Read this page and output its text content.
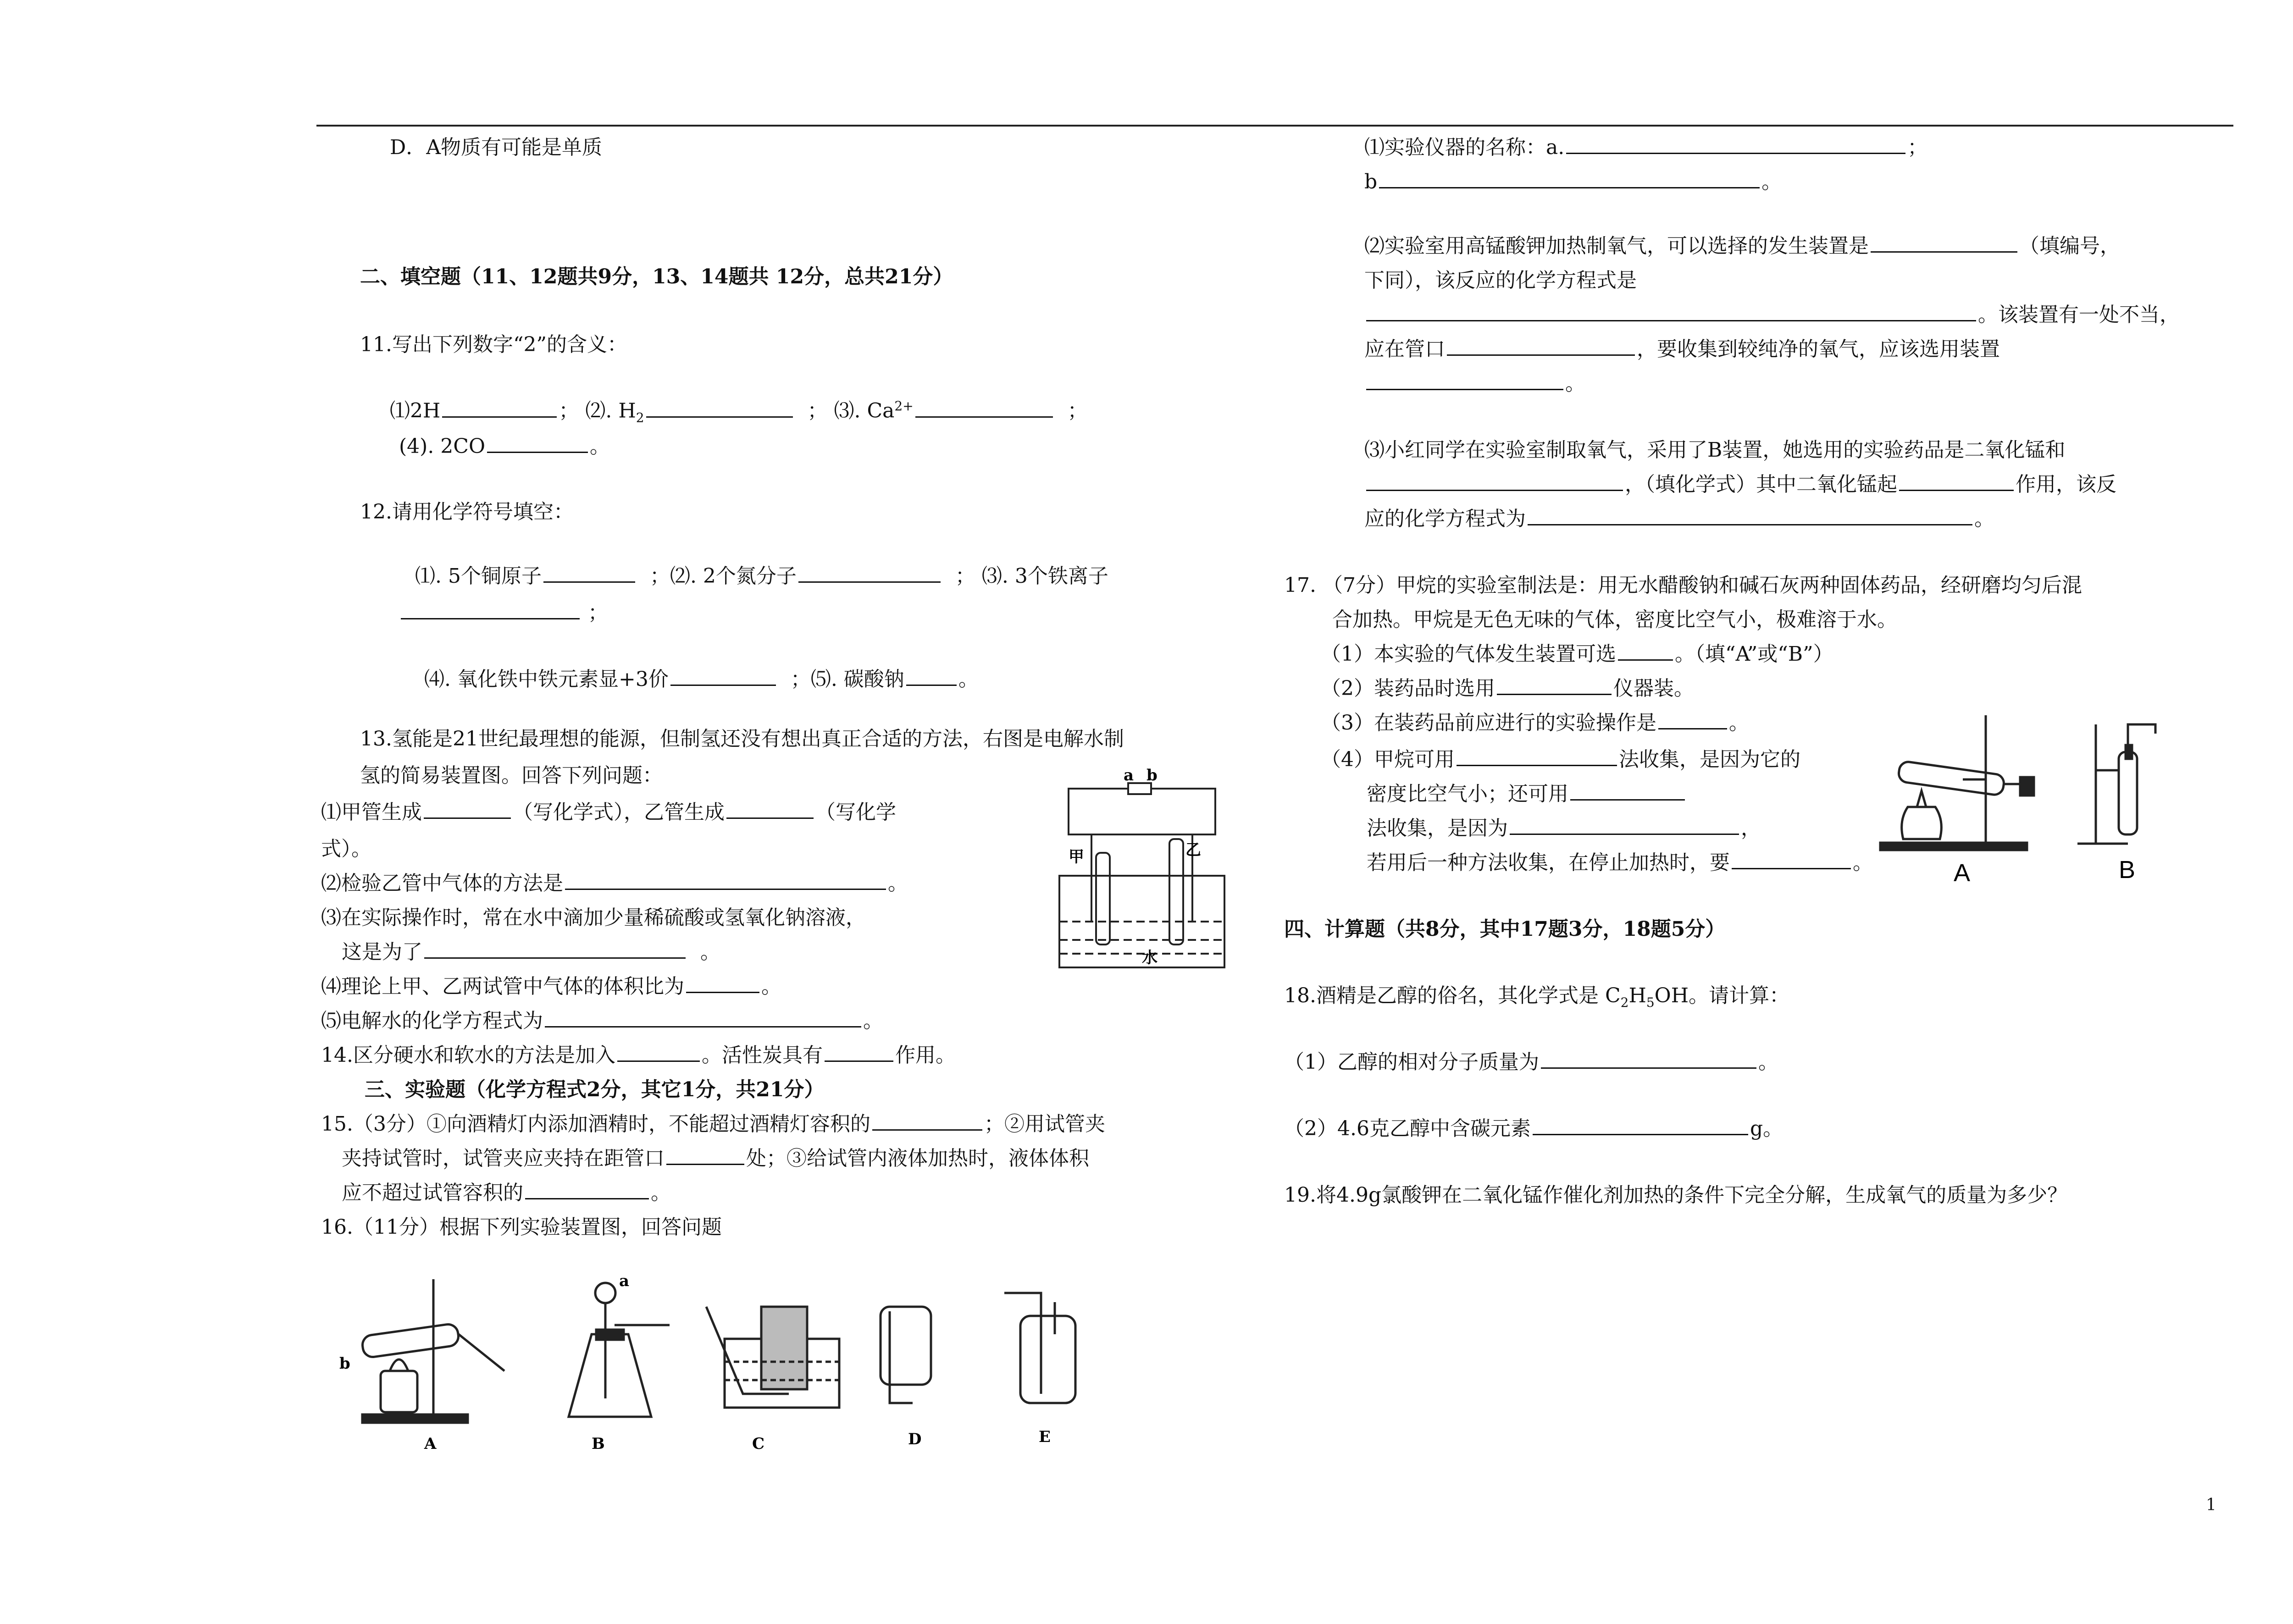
D．A物质有可能是单质
二、填空题（11、12题共9分，13、14题共 12分，总共21分）
11.写出下列数字“2”的含义：
⑴2H	； ⑵. $H_2$	； ⑶. $Ca^{2+}$	；
(4). 2CO	。
12.请用化学符号填空：
⑴. 5个铜原子	；⑵. 2个氮分子	； ⑶. 3个铁离子
；
⑷. 氧化铁中铁元素显+3价	；⑸. 碳酸钠	。
13.氢能是21世纪最理想的能源，但制氢还没有想出真正合适的方法，右图是电解水制
氢的简易装置图。回答下列问题：
⑴甲管生成	（写化学式），乙管生成	（写化学
式）。
⑵检验乙管中气体的方法是	。
⑶在实际操作时，常在水中滴加少量稀硫酸或氢氧化钠溶液，
这是为了	。
⑷理论上甲、乙两试管中气体的体积比为	。
⑸电解水的化学方程式为	。
14.区分硬水和软水的方法是加入	。活性炭具有	作用。
a b
甲	乙
水
三、实验题（化学方程式2分，其它1分，共21分）
15.（3分）①向酒精灯内添加酒精时，不能超过酒精灯容积的	；②用试管夹
夹持试管时，试管夹应夹持在距管口	处；③给试管内液体加热时，液体体积
应不超过试管容积的	。
16.（11分）根据下列实验装置图，回答问题
A	B	C	D	E
a
b
⑴实验仪器的名称：a.	；
b	。
⑵实验室用高锰酸钾加热制氧气，可以选择的发生装置是	（填编号，
下同），该反应的化学方程式是
。该装置有一处不当，
应在管口	，要收集到较纯净的氧气，应该选用装置
。
⑶小红同学在实验室制取氧气，采用了B装置，她选用的实验药品是二氧化锰和
，（填化学式）其中二氧化锰起	作用，该反
应的化学方程式为	。
17. （7分）甲烷的实验室制法是：用无水醋酸钠和碱石灰两种固体药品，经研磨均匀后混
合加热。甲烷是无色无味的气体，密度比空气小，极难溶于水。
（1）本实验的气体发生装置可选	。（填“A”或“B”）
（2）装药品时选用	仪器装。
（3）在装药品前应进行的实验操作是	。
（4）甲烷可用	法收集，是因为它的
密度比空气小；还可用
法收集，是因为	，
若用后一种方法收集，在停止加热时，要	。	A	B
四、计算题（共8分，其中17题3分，18题5分）
18.酒精是乙醇的俗名，其化学式是 $C_2H_5OH$。请计算：
（1）乙醇的相对分子质量为	。
（2）4.6克乙醇中含碳元素	g。
19.将4.9g氯酸钾在二氧化锰作催化剂加热的条件下完全分解，生成氧气的质量为多少？
1
